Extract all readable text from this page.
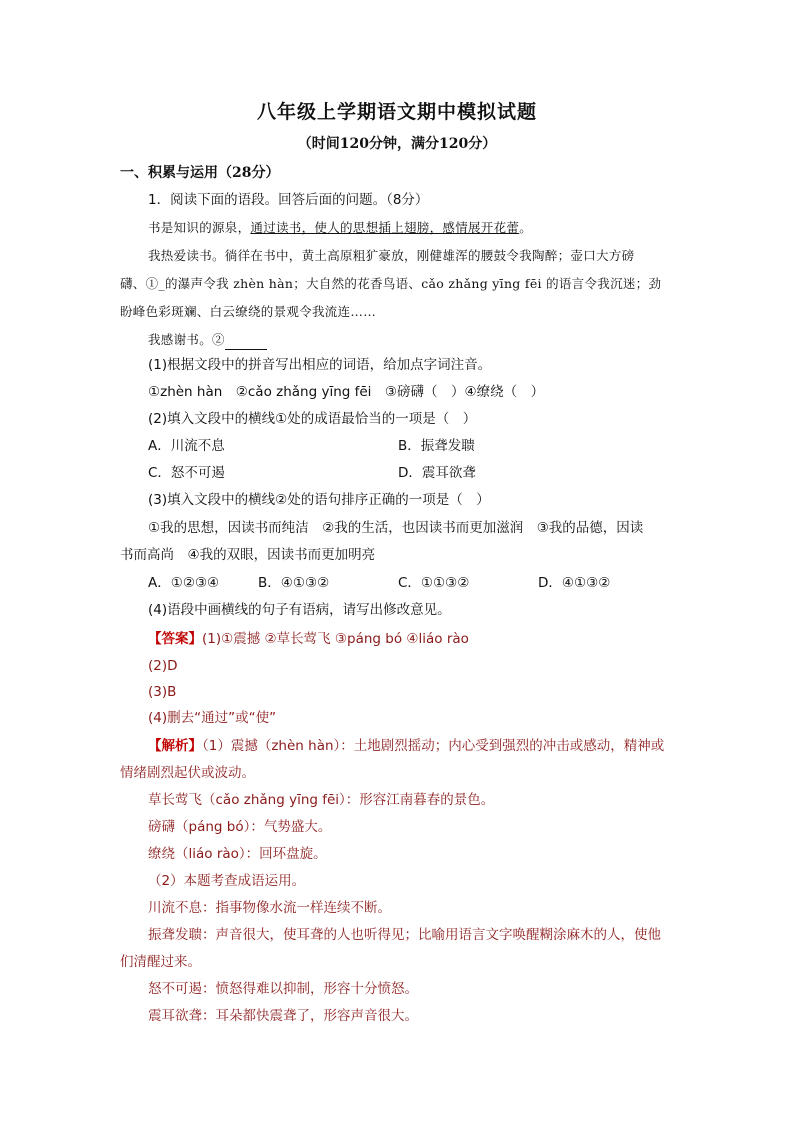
八年级上学期语文期中模拟试题
（时间120分钟，满分120分）
一、积累与运用（28分）
1．阅读下面的语段。回答后面的问题。（8分）
书是知识的源泉，通过读书，使人的思想插上翅膀，感情展开花蕾。
我热爱读书。徜徉在书中，黄土高原粗犷豪放，刚健雄浑的腰鼓令我陶醉；壶口大方磅
礴、①_的瀑声令我 zhèn hàn；大自然的花香鸟语、cǎo zhǎng yīng fēi 的语言令我沉迷；劲
盼峰色彩斑斓、白云缭绕的景观令我流连……
我感谢书。②
(1)根据文段中的拼音写出相应的词语，给加点字词注音。
①zhèn hàn　②cǎo zhǎng yīng fēi　③磅礴（　）④缭绕（　）
(2)填入文段中的横线①处的成语最恰当的一项是（　）
A．川流不息	B．振聋发聩
C．怒不可遏	D．震耳欲聋
(3)填入文段中的横线②处的语句排序正确的一项是（　）
①我的思想，因读书而纯洁　②我的生活，也因读书而更加滋润　③我的品德，因读
书而高尚　④我的双眼，因读书而更加明亮
A．①②③④	B．④①③②	C．①①③②	D．④①③②
(4)语段中画横线的句子有语病，请写出修改意见。
【答案】(1)①震撼 ②草长莺飞 ③páng bó ④liáo rào
(2)D
(3)B
(4)删去“通过”或“使”
【解析】（1）震撼（zhèn hàn）：土地剧烈摇动；内心受到强烈的冲击或感动，精神或
情绪剧烈起伏或波动。
草长莺飞（cǎo zhǎng yīng fēi）：形容江南暮春的景色。
磅礴（páng bó）：气势盛大。
缭绕（liáo rào）：回环盘旋。
（2）本题考查成语运用。
川流不息：指事物像水流一样连续不断。
振聋发聩：声音很大，使耳聋的人也听得见；比喻用语言文字唤醒糊涂麻木的人，使他
们清醒过来。
怒不可遏：愤怒得难以抑制，形容十分愤怒。
震耳欲聋：耳朵都快震聋了，形容声音很大。
